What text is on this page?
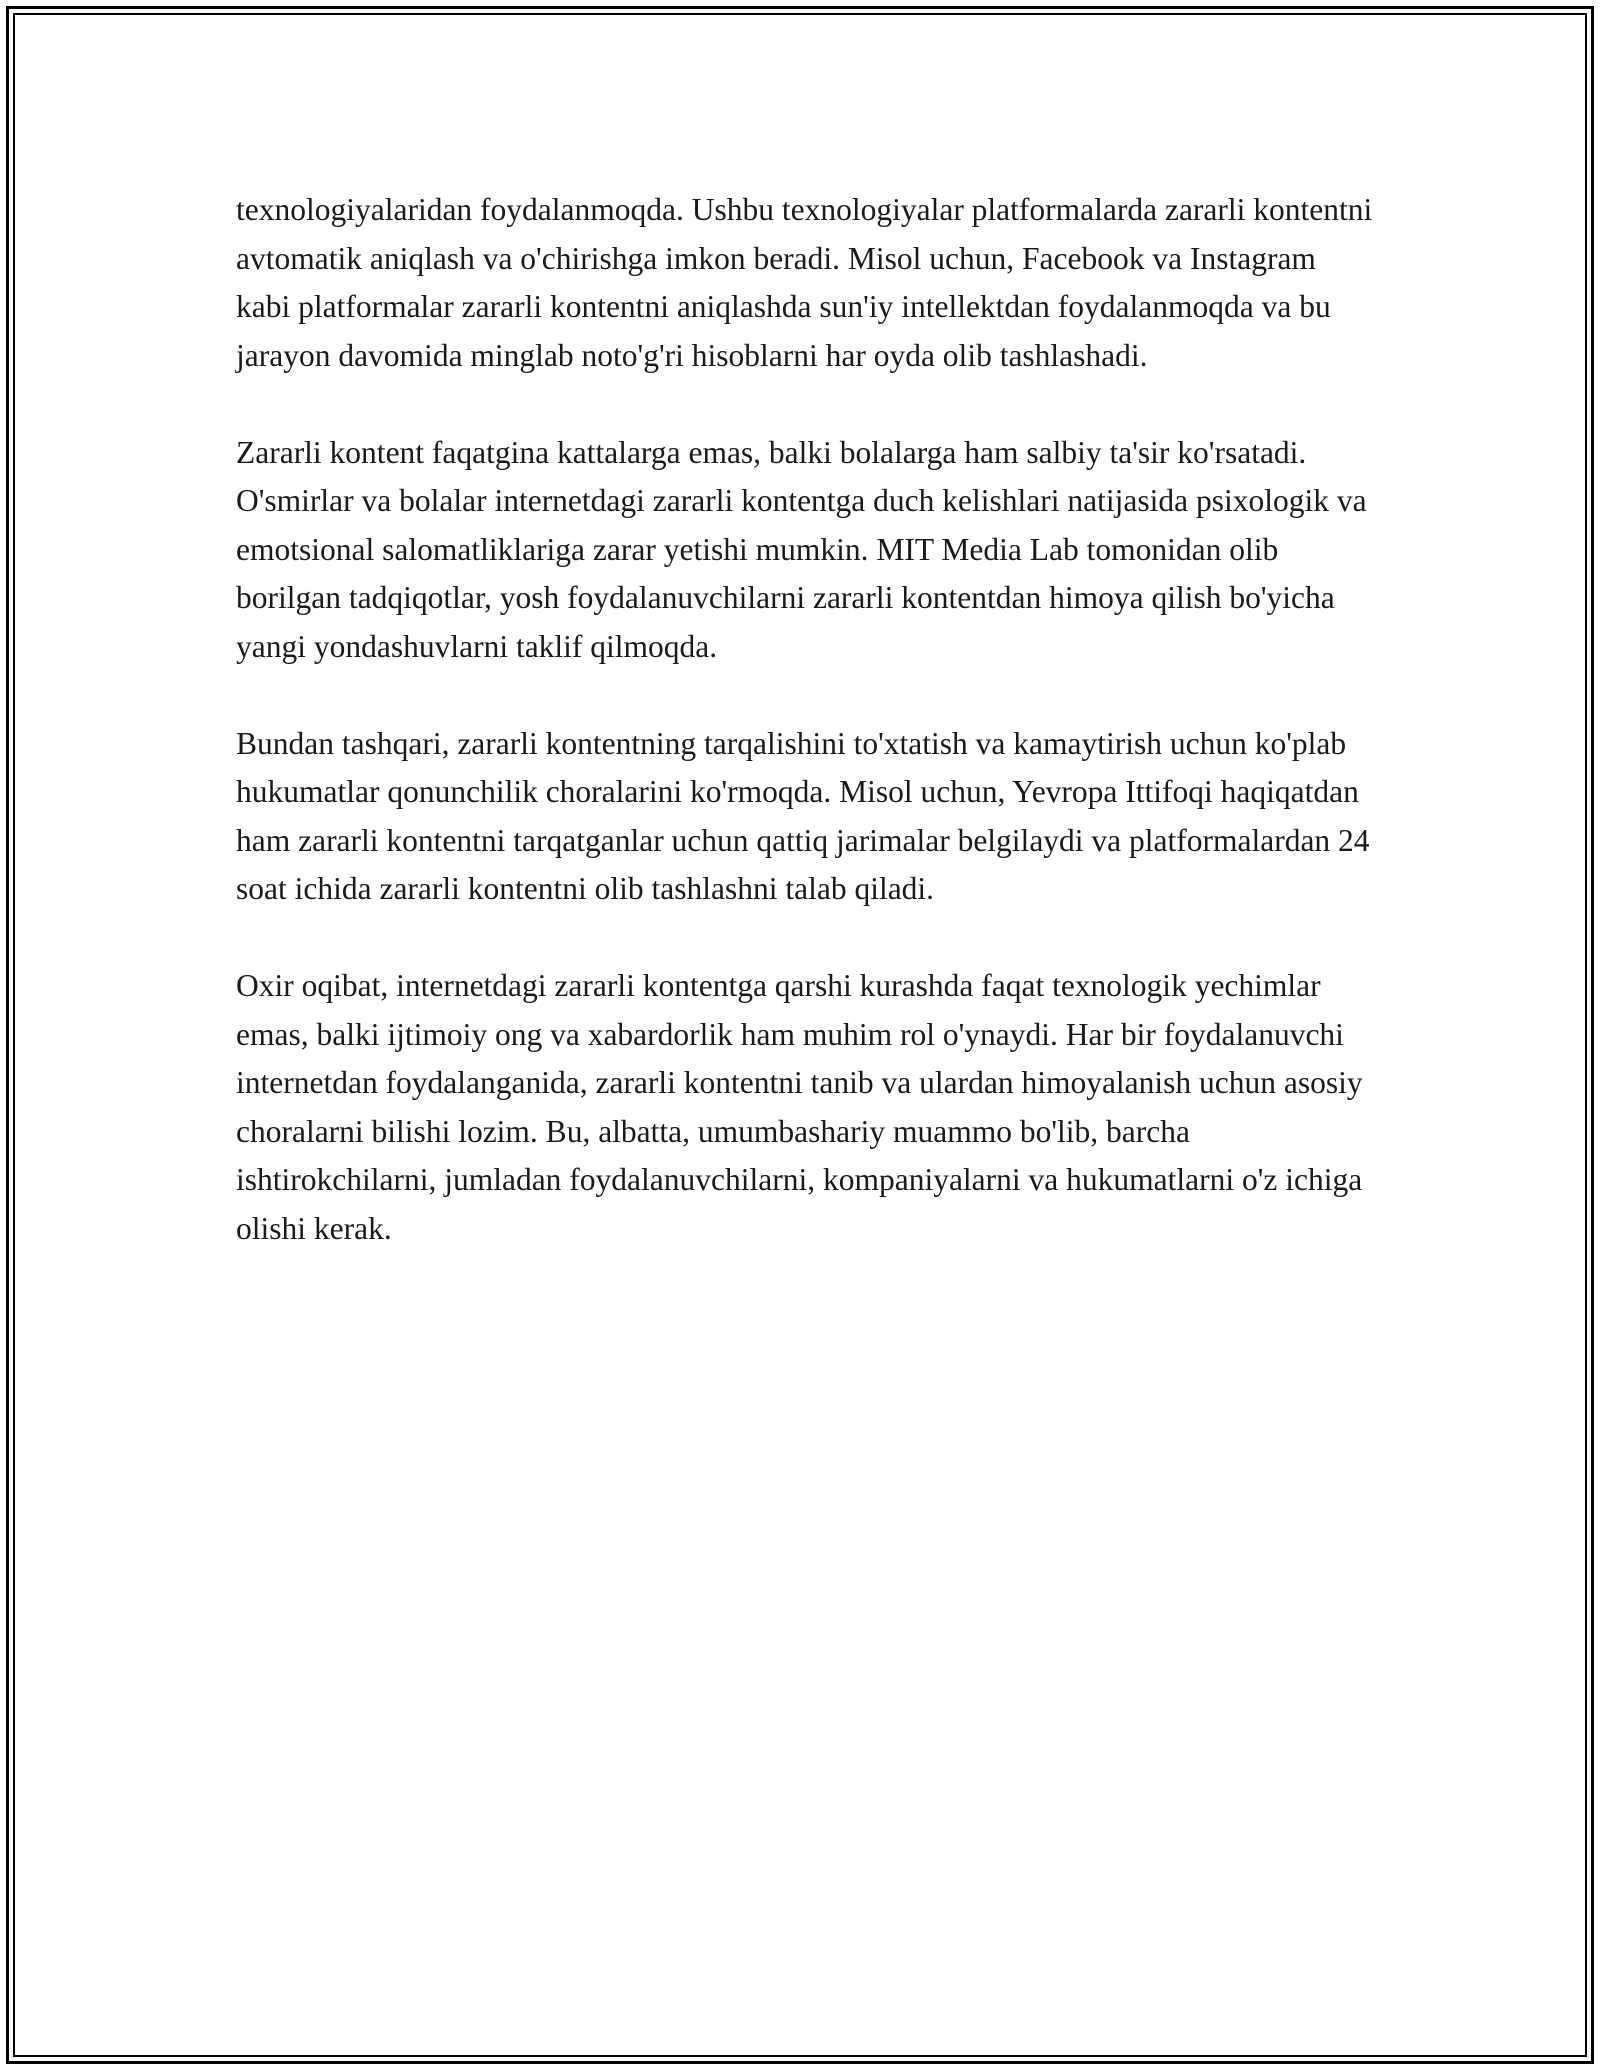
texnologiyalaridan foydalanmoqda. Ushbu texnologiyalar platformalarda zararli kontentni avtomatik aniqlash va o'chirishga imkon beradi. Misol uchun, Facebook va Instagram kabi platformalar zararli kontentni aniqlashda sun'iy intellektdan foydalanmoqda va bu jarayon davomida minglab noto'g'ri hisoblarni har oyda olib tashlashadi.

Zararli kontent faqatgina kattalarga emas, balki bolalarga ham salbiy ta'sir ko'rsatadi. O'smirlar va bolalar internetdagi zararli kontentga duch kelishlari natijasida psixologik va emotsional salomatliklariga zarar yetishi mumkin. MIT Media Lab tomonidan olib borilgan tadqiqotlar, yosh foydalanuvchilarni zararli kontentdan himoya qilish bo'yicha yangi yondashuvlarni taklif qilmoqda.

Bundan tashqari, zararli kontentning tarqalishini to'xtatish va kamaytirish uchun ko'plab hukumatlar qonunchilik choralarini ko'rmoqda. Misol uchun, Yevropa Ittifoqi haqiqatdan ham zararli kontentni tarqatganlar uchun qattiq jarimalar belgilaydi va platformalardan 24 soat ichida zararli kontentni olib tashlashni talab qiladi.

Oxir oqibat, internetdagi zararli kontentga qarshi kurashda faqat texnologik yechimlar emas, balki ijtimoiy ong va xabardorlik ham muhim rol o'ynaydi. Har bir foydalanuvchi internetdan foydalanganida, zararli kontentni tanib va ulardan himoyalanish uchun asosiy choralarni bilishi lozim. Bu, albatta, umumbashariy muammo bo'lib, barcha ishtirokchilarni, jumladan foydalanuvchilarni, kompaniyalarni va hukumatlarni o'z ichiga olishi kerak.
